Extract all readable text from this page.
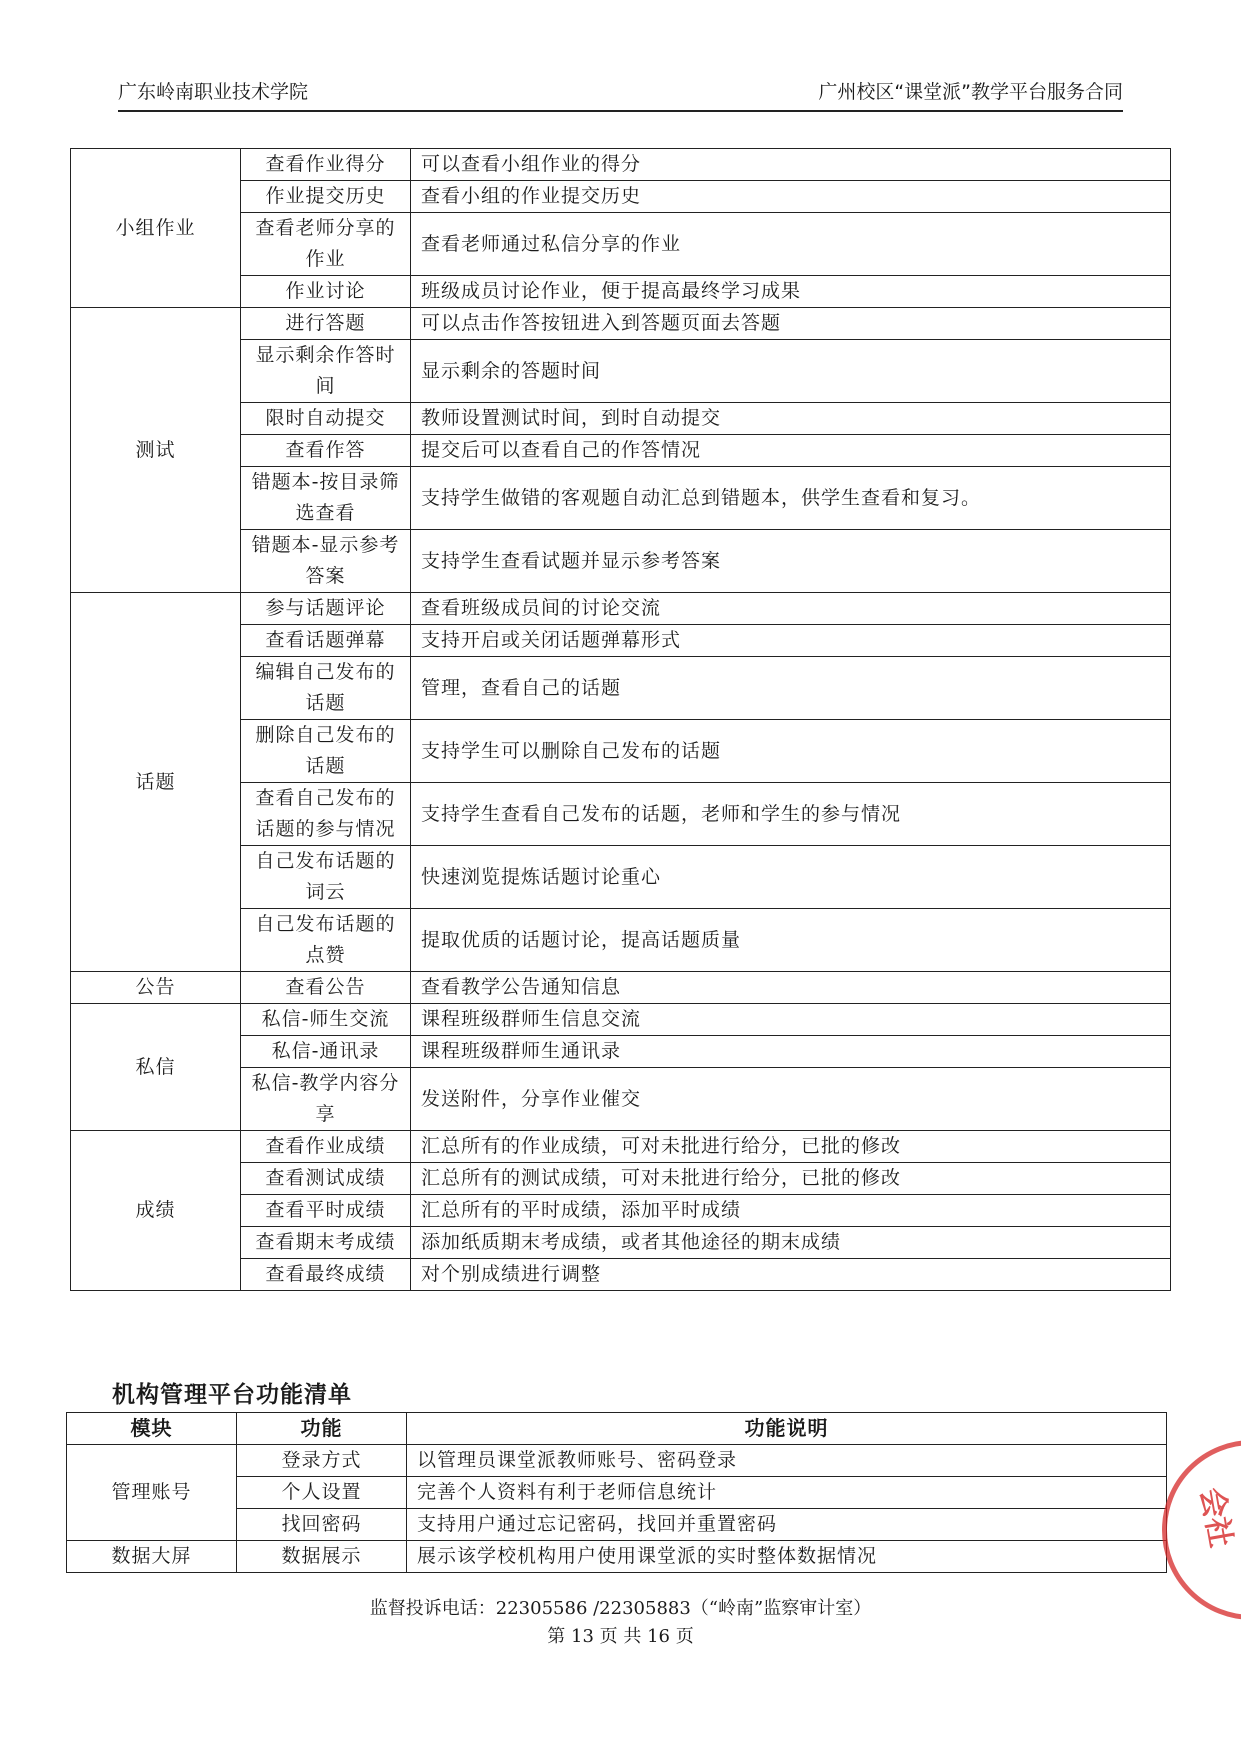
广东岭南职业技术学院	广州校区“课堂派”教学平台服务合同
小组作业	查看作业得分	可以查看小组作业的得分
	作业提交历史	查看小组的作业提交历史
	查看老师分享的作业	查看老师通过私信分享的作业
	作业讨论	班级成员讨论作业，便于提高最终学习成果
测试	进行答题	可以点击作答按钮进入到答题页面去答题
	显示剩余作答时间	显示剩余的答题时间
	限时自动提交	教师设置测试时间，到时自动提交
	查看作答	提交后可以查看自己的作答情况
	错题本-按目录筛选查看	支持学生做错的客观题自动汇总到错题本，供学生查看和复习。
	错题本-显示参考答案	支持学生查看试题并显示参考答案
话题	参与话题评论	查看班级成员间的讨论交流
	查看话题弹幕	支持开启或关闭话题弹幕形式
	编辑自己发布的话题	管理，查看自己的话题
	删除自己发布的话题	支持学生可以删除自己发布的话题
	查看自己发布的话题的参与情况	支持学生查看自己发布的话题，老师和学生的参与情况
	自己发布话题的词云	快速浏览提炼话题讨论重心
	自己发布话题的点赞	提取优质的话题讨论，提高话题质量
公告	查看公告	查看教学公告通知信息
私信	私信-师生交流	课程班级群师生信息交流
	私信-通讯录	课程班级群师生通讯录
	私信-教学内容分享	发送附件，分享作业催交
成绩	查看作业成绩	汇总所有的作业成绩，可对未批进行给分，已批的修改
	查看测试成绩	汇总所有的测试成绩，可对未批进行给分，已批的修改
	查看平时成绩	汇总所有的平时成绩，添加平时成绩
	查看期末考成绩	添加纸质期末考成绩，或者其他途径的期末成绩
	查看最终成绩	对个别成绩进行调整
机构管理平台功能清单
模块	功能	功能说明
管理账号	登录方式	以管理员课堂派教师账号、密码登录
	个人设置	完善个人资料有利于老师信息统计
	找回密码	支持用户通过忘记密码，找回并重置密码
数据大屏	数据展示	展示该学校机构用户使用课堂派的实时整体数据情况
监督投诉电话：22305586 /22305883（“岭南”监察审计室）
第 13 页 共 16 页
会社
